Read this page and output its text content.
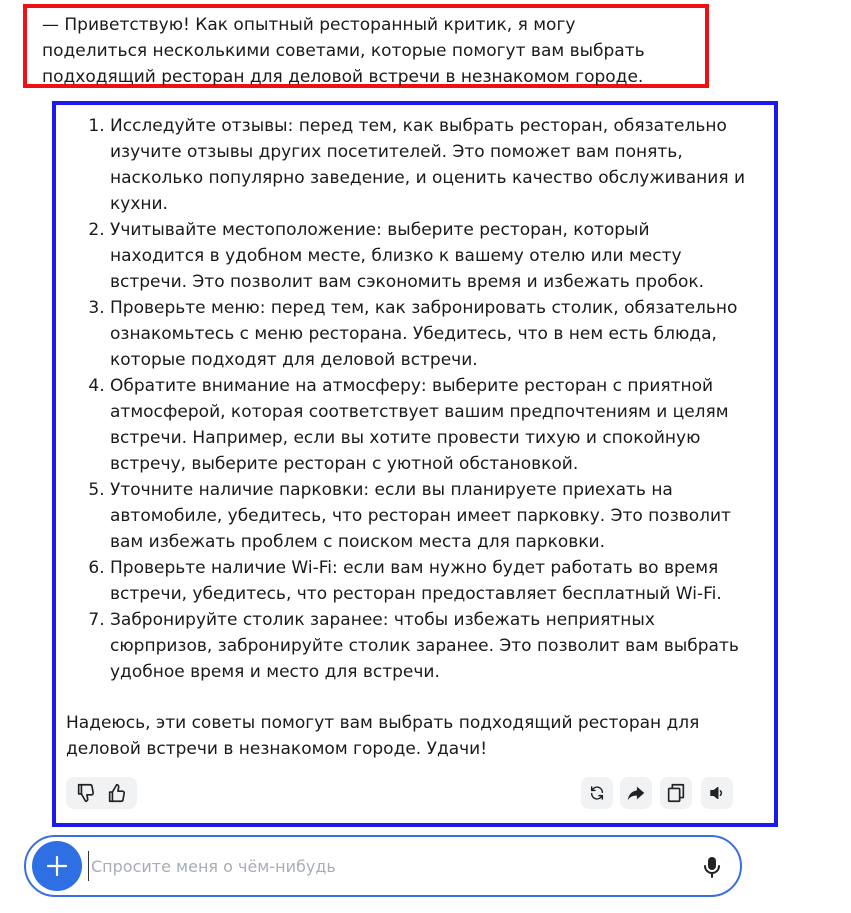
— Приветствую! Как опытный ресторанный критик, я могу поделиться несколькими советами, которые помогут вам выбрать подходящий ресторан для деловой встречи в незнакомом городе.
1. Исследуйте отзывы: перед тем, как выбрать ресторан, обязательно изучите отзывы других посетителей. Это поможет вам понять, насколько популярно заведение, и оценить качество обслуживания и кухни.
2. Учитывайте местоположение: выберите ресторан, который находится в удобном месте, близко к вашему отелю или месту встречи. Это позволит вам сэкономить время и избежать пробок.
3. Проверьте меню: перед тем, как забронировать столик, обязательно ознакомьтесь с меню ресторана. Убедитесь, что в нем есть блюда, которые подходят для деловой встречи.
4. Обратите внимание на атмосферу: выберите ресторан с приятной атмосферой, которая соответствует вашим предпочтениям и целям встречи. Например, если вы хотите провести тихую и спокойную встречу, выберите ресторан с уютной обстановкой.
5. Уточните наличие парковки: если вы планируете приехать на автомобиле, убедитесь, что ресторан имеет парковку. Это позволит вам избежать проблем с поиском места для парковки.
6. Проверьте наличие Wi-Fi: если вам нужно будет работать во время встречи, убедитесь, что ресторан предоставляет бесплатный Wi-Fi.
7. Забронируйте столик заранее: чтобы избежать неприятных сюрпризов, забронируйте столик заранее. Это позволит вам выбрать удобное время и место для встречи.
Надеюсь, эти советы помогут вам выбрать подходящий ресторан для деловой встречи в незнакомом городе. Удачи!
Спросите меня о чём-нибудь
